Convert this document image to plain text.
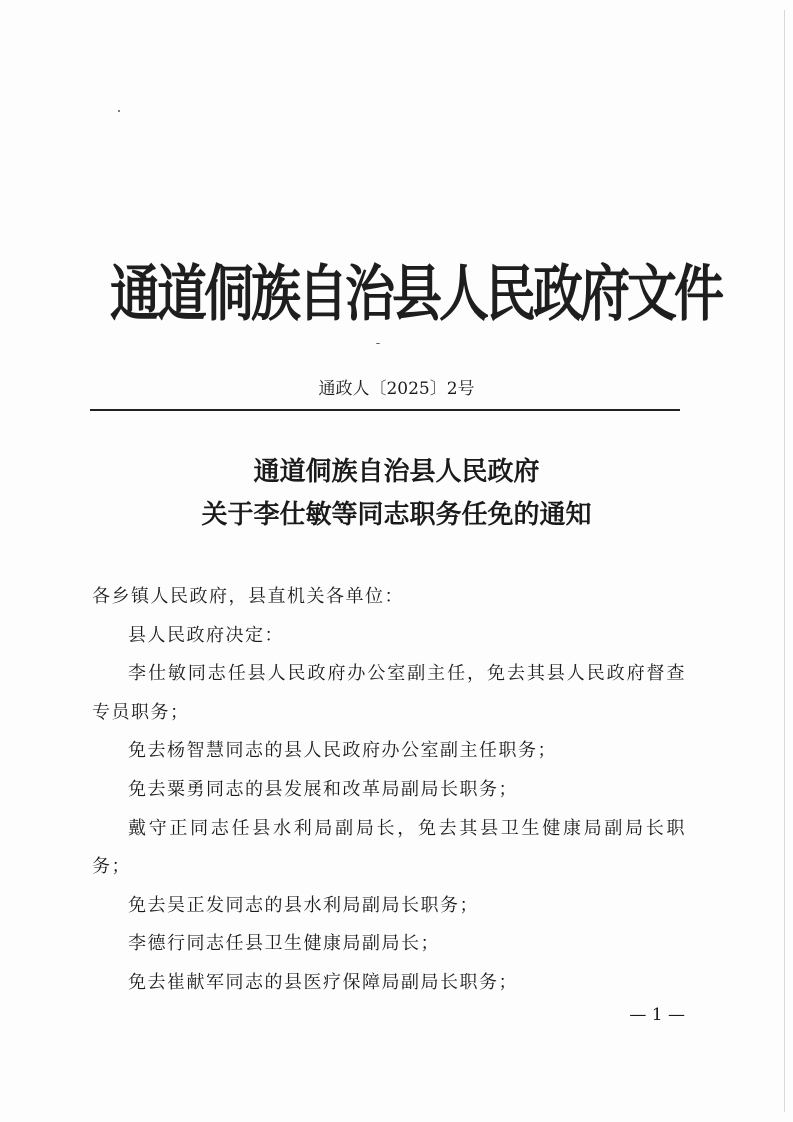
通道侗族自治县人民政府文件
通政人〔2025〕2号
通道侗族自治县人民政府
关于李仕敏等同志职务任免的通知

各乡镇人民政府，县直机关各单位：

县人民政府决定：

李仕敏同志任县人民政府办公室副主任，免去其县人民政府督查专员职务；

免去杨智慧同志的县人民政府办公室副主任职务；

免去粟勇同志的县发展和改革局副局长职务；

戴守正同志任县水利局副局长，免去其县卫生健康局副局长职务；

免去吴正发同志的县水利局副局长职务；

李德行同志任县卫生健康局副局长；

免去崔献军同志的县医疗保障局副局长职务；

— 1 —
